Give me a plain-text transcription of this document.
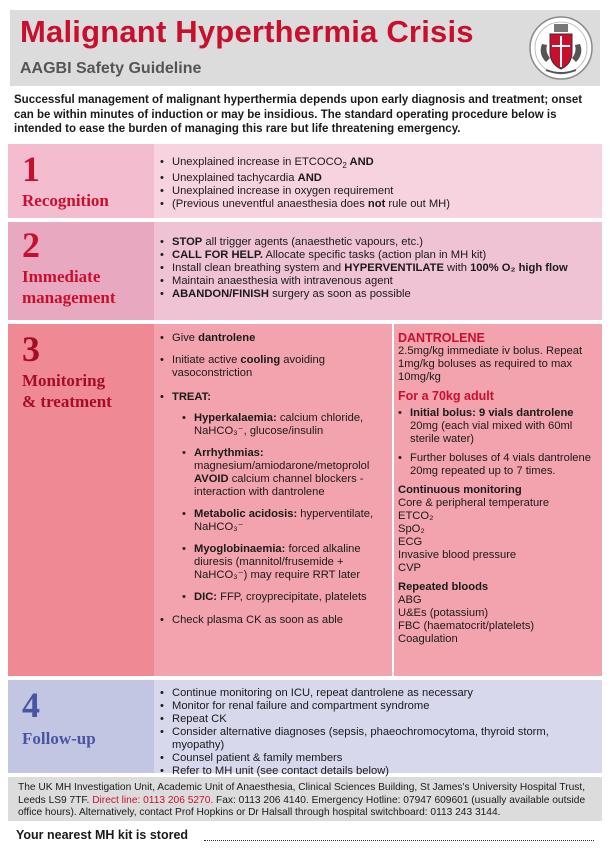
Malignant Hyperthermia Crisis
AAGBI Safety Guideline
Successful management of malignant hyperthermia depends upon early diagnosis and treatment; onset can be within minutes of induction or may be insidious. The standard operating procedure below is intended to ease the burden of managing this rare but life threatening emergency.
1
Recognition
• Unexplained increase in $ETCOCO_2$ AND
• Unexplained tachycardia AND
• Unexplained increase in oxygen requirement
• (Previous uneventful anaesthesia does not rule out MH)
2
Immediate
management
• STOP all trigger agents (anaesthetic vapours, etc.)
• CALL FOR HELP. Allocate specific tasks (action plan in MH kit)
• Install clean breathing system and HYPERVENTILATE with 100% O₂ high flow
• Maintain anaesthesia with intravenous agent
• ABANDON/FINISH surgery as soon as possible
3
Monitoring
& treatment
• Give dantrolene
• Initiate active cooling avoiding vasoconstriction
• TREAT:
• Hyperkalaemia: calcium chloride, NaHCO₃⁻, glucose/insulin
• Arrhythmias: magnesium/amiodarone/metoprolol
AVOID calcium channel blockers - interaction with dantrolene
• Metabolic acidosis: hyperventilate, NaHCO₃⁻
• Myoglobinaemia: forced alkaline diuresis (mannitol/frusemide + NaHCO₃⁻) may require RRT later
• DIC: FFP, croyprecipitate, platelets
• Check plasma CK as soon as able
DANTROLENE
2.5mg/kg immediate iv bolus. Repeat 1mg/kg boluses as required to max 10mg/kg
For a 70kg adult
• Initial bolus: 9 vials dantrolene 20mg (each vial mixed with 60ml sterile water)
• Further boluses of 4 vials dantrolene 20mg repeated up to 7 times.
Continuous monitoring
Core & peripheral temperature
ETCO₂
SpO₂
ECG
Invasive blood pressure
CVP
Repeated bloods
ABG
U&Es (potassium)
FBC (haematocrit/platelets)
Coagulation
4
Follow-up
• Continue monitoring on ICU, repeat dantrolene as necessary
• Monitor for renal failure and compartment syndrome
• Repeat CK
• Consider alternative diagnoses (sepsis, phaeochromocytoma, thyroid storm, myopathy)
• Counsel patient & family members
• Refer to MH unit (see contact details below)
The UK MH Investigation Unit, Academic Unit of Anaesthesia, Clinical Sciences Building, St James's University Hospital Trust, Leeds LS9 7TF. Direct line: 0113 206 5270. Fax: 0113 206 4140. Emergency Hotline: 07947 609601 (usually available outside office hours). Alternatively, contact Prof Hopkins or Dr Halsall through hospital switchboard: 0113 243 3144.
Your nearest MH kit is stored
